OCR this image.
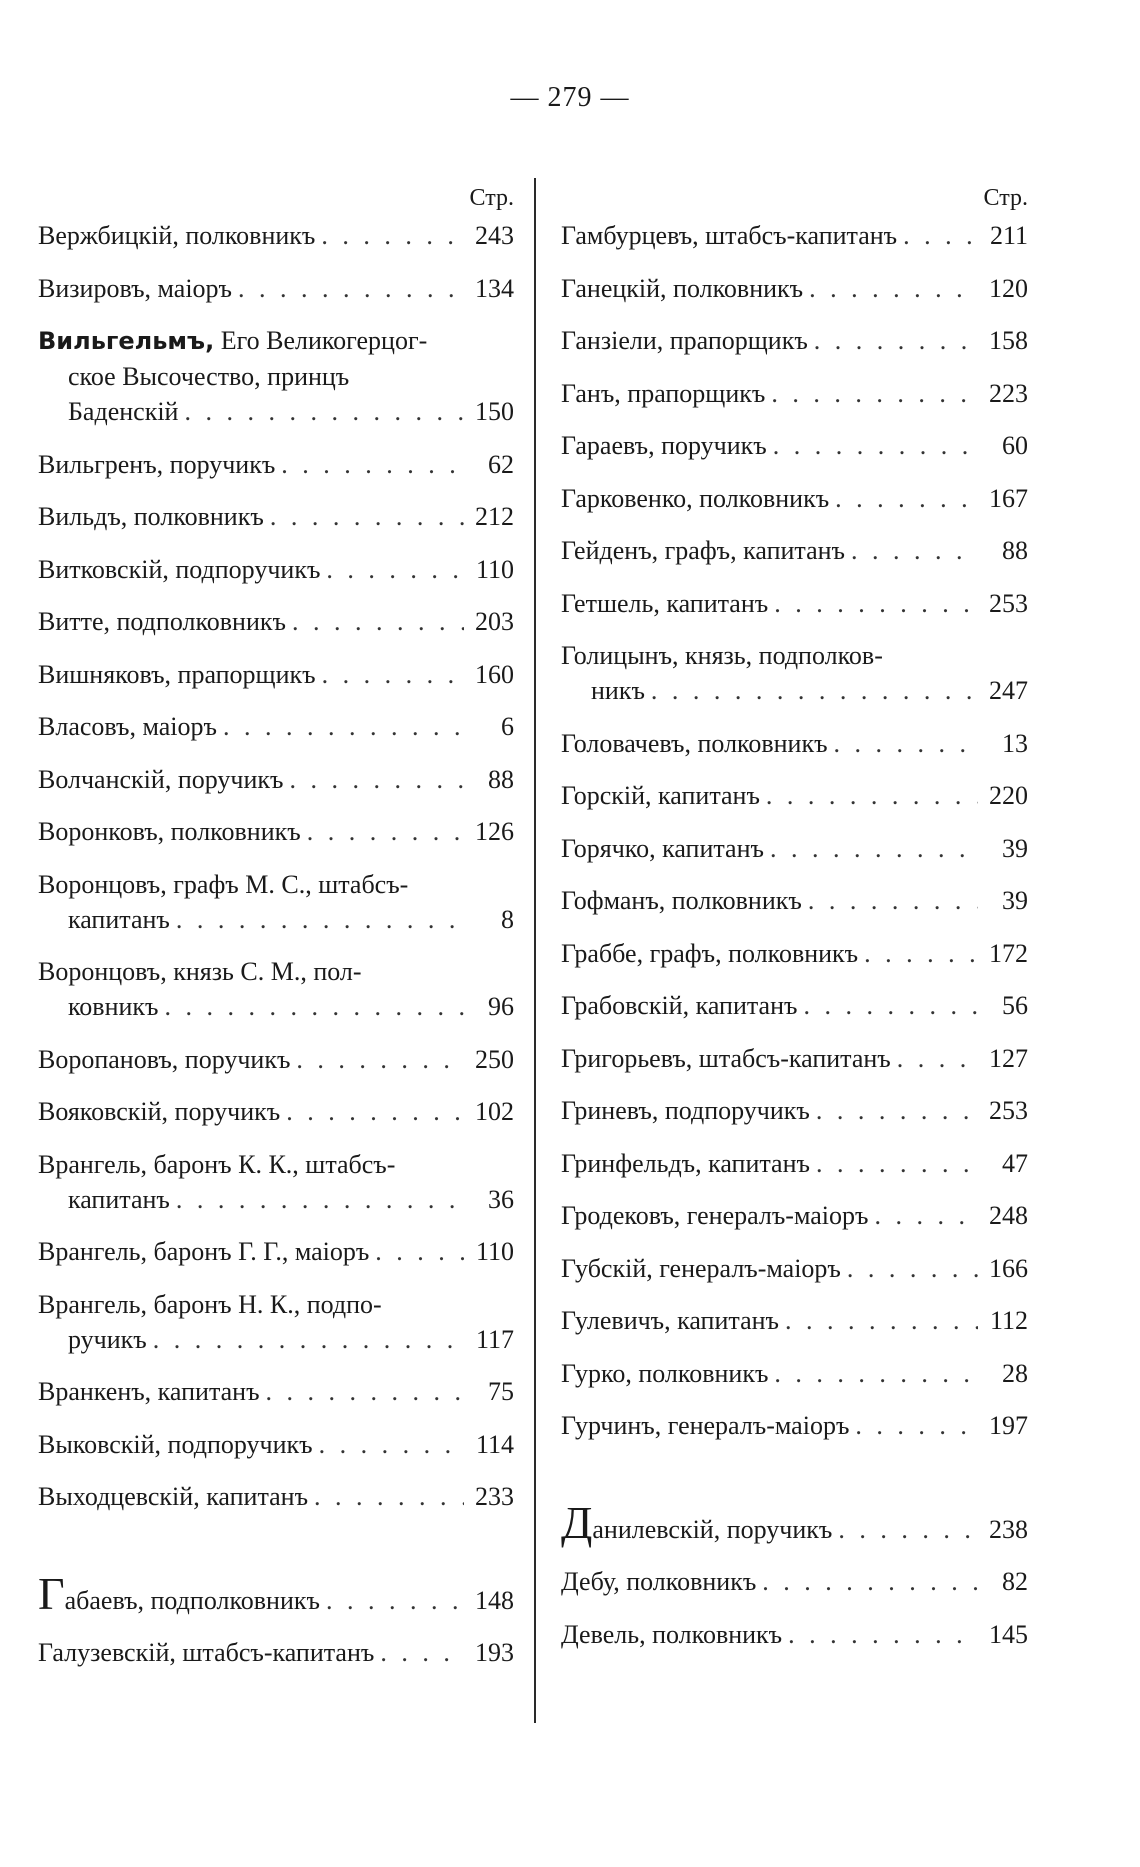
— 279 —
Стр.
Вержбицкій, полковникъ . . .	243
Визировъ, маіоръ . . .	134
Вильгельмъ, Его Великогерцог-
ское Высочество, принцъ
Баденскій . . .	150
Вильгренъ, поручикъ . . .	62
Вильдъ, полковникъ . . .	212
Витковскій, подпоручикъ . . .	110
Витте, подполковникъ . . .	203
Вишняковъ, прапорщикъ . . .	160
Власовъ, маіоръ . . .	6
Волчанскій, поручикъ . . .	88
Воронковъ, полковникъ . . .	126
Воронцовъ, графъ М. С., штабсъ-
капитанъ . . .	8
Воронцовъ, князь С. М., пол-
ковникъ . . .	96
Воропановъ, поручикъ . . .	250
Вояковскій, поручикъ . . .	102
Врангель, баронъ К. К., штабсъ-
капитанъ . . .	36
Врангель, баронъ Г. Г., маіоръ . . .	110
Врангель, баронъ Н. К., подпо-
ручикъ . . .	117
Вранкенъ, капитанъ . . .	75
Выковскій, подпоручикъ . . .	114
Выходцевскій, капитанъ . . .	233
Габаевъ, подполковникъ . . .	148
Галузевскій, штабсъ-капитанъ . . .	193
Стр.
Гамбурцевъ, штабсъ-капитанъ . . .	211
Ганецкій, полковникъ . . .	120
Ганзіели, прапорщикъ . . .	158
Ганъ, прапорщикъ . . .	223
Гараевъ, поручикъ . . .	60
Гарковенко, полковникъ . . .	167
Гейденъ, графъ, капитанъ . . .	88
Гетшель, капитанъ . . .	253
Голицынъ, князь, подполков-
никъ . . .	247
Головачевъ, полковникъ . . .	13
Горскій, капитанъ . . .	220
Горячко, капитанъ . . .	39
Гофманъ, полковникъ . . .	39
Граббе, графъ, полковникъ . . .	172
Грабовскій, капитанъ . . .	56
Григорьевъ, штабсъ-капитанъ . . .	127
Гриневъ, подпоручикъ . . .	253
Гринфельдъ, капитанъ . . .	47
Гродековъ, генералъ-маіоръ . . .	248
Губскій, генералъ-маіоръ . . .	166
Гулевичъ, капитанъ . . .	112
Гурко, полковникъ . . .	28
Гурчинъ, генералъ-маіоръ . . .	197
Данилевскій, поручикъ . . .	238
Дебу, полковникъ . . .	82
Девель, полковникъ . . .	145
